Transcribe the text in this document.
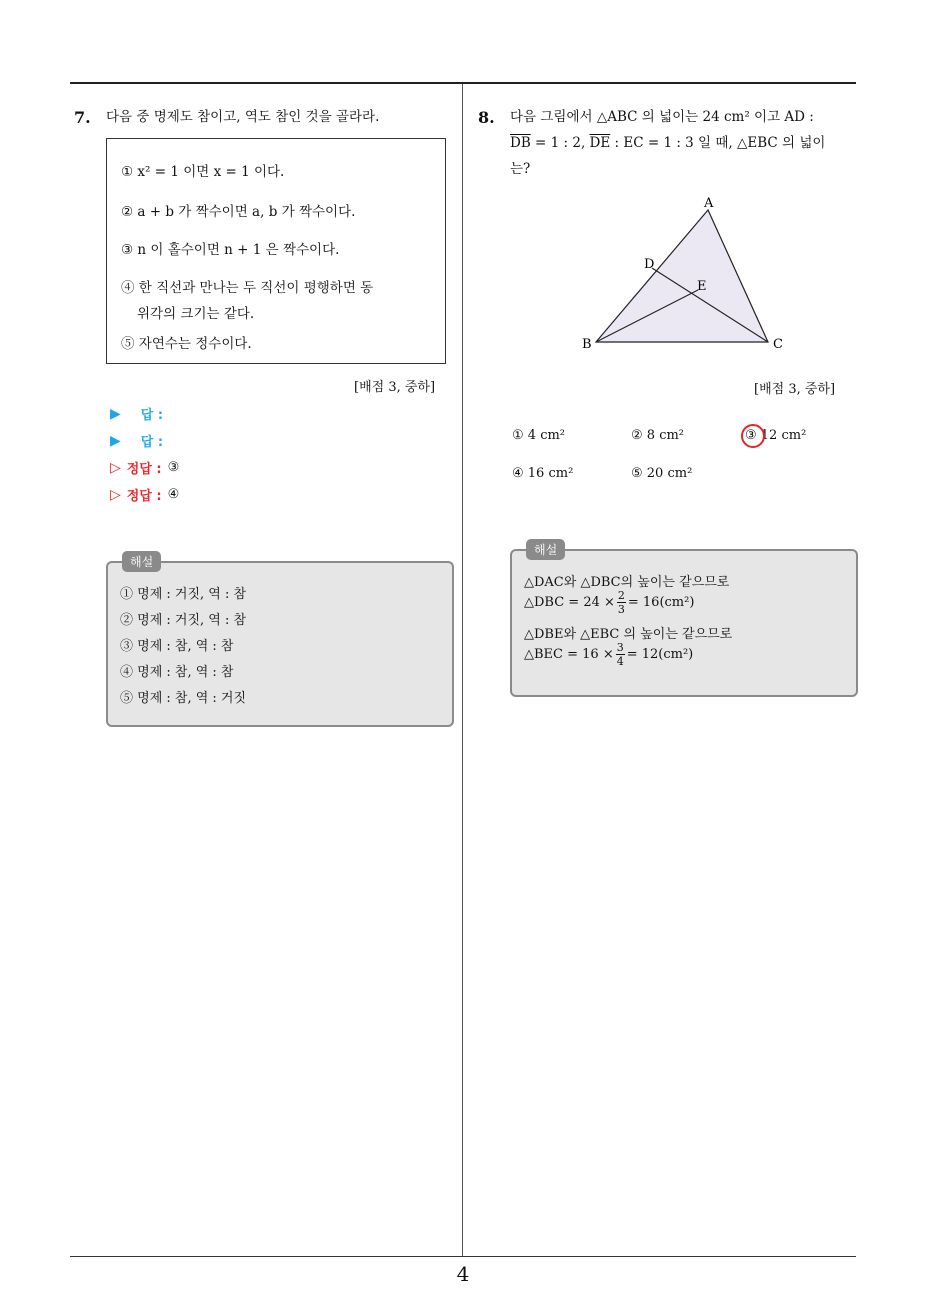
4
7. 다음 중 명제도 참이고, 역도 참인 것을 골라라.
① x² = 1 이면 x = 1 이다.
② a + b 가 짝수이면 a, b 가 짝수이다.
③ n 이 홀수이면 n + 1 은 짝수이다.
④ 한 직선과 만나는 두 직선이 평행하면 동
위각의 크기는 같다.
⑤ 자연수는 정수이다.
[배점 3, 중하]
▶ 답 :
▶ 답 :
▷ 정답 : ③
▷ 정답 : ④
해설
① 명제 : 거짓, 역 : 참
② 명제 : 거짓, 역 : 참
③ 명제 : 참, 역 : 참
④ 명제 : 참, 역 : 참
⑤ 명제 : 참, 역 : 거짓
8. 다음 그림에서 △ABC 의 넓이는 24 cm² 이고 AD :
$\overline{DB} = 1$ : 2, $\overline{DE}$ : EC = 1 : 3 일 때, △EBC 의 넓이
는?
A
B	C
D
E
[배점 3, 중하]
① 4 cm²	② 8 cm²	③ 12 cm²
④ 16 cm²	⑤ 20 cm²
해설
△DAC와 △DBC의 높이는 같으므로
△DBC = $24 \times \frac{2}{3} = 16(cm^2)$
△DBE와 △EBC 의 높이는 같으므로
△BEC = $16 \times \frac{3}{4} = 12(cm^2)$
